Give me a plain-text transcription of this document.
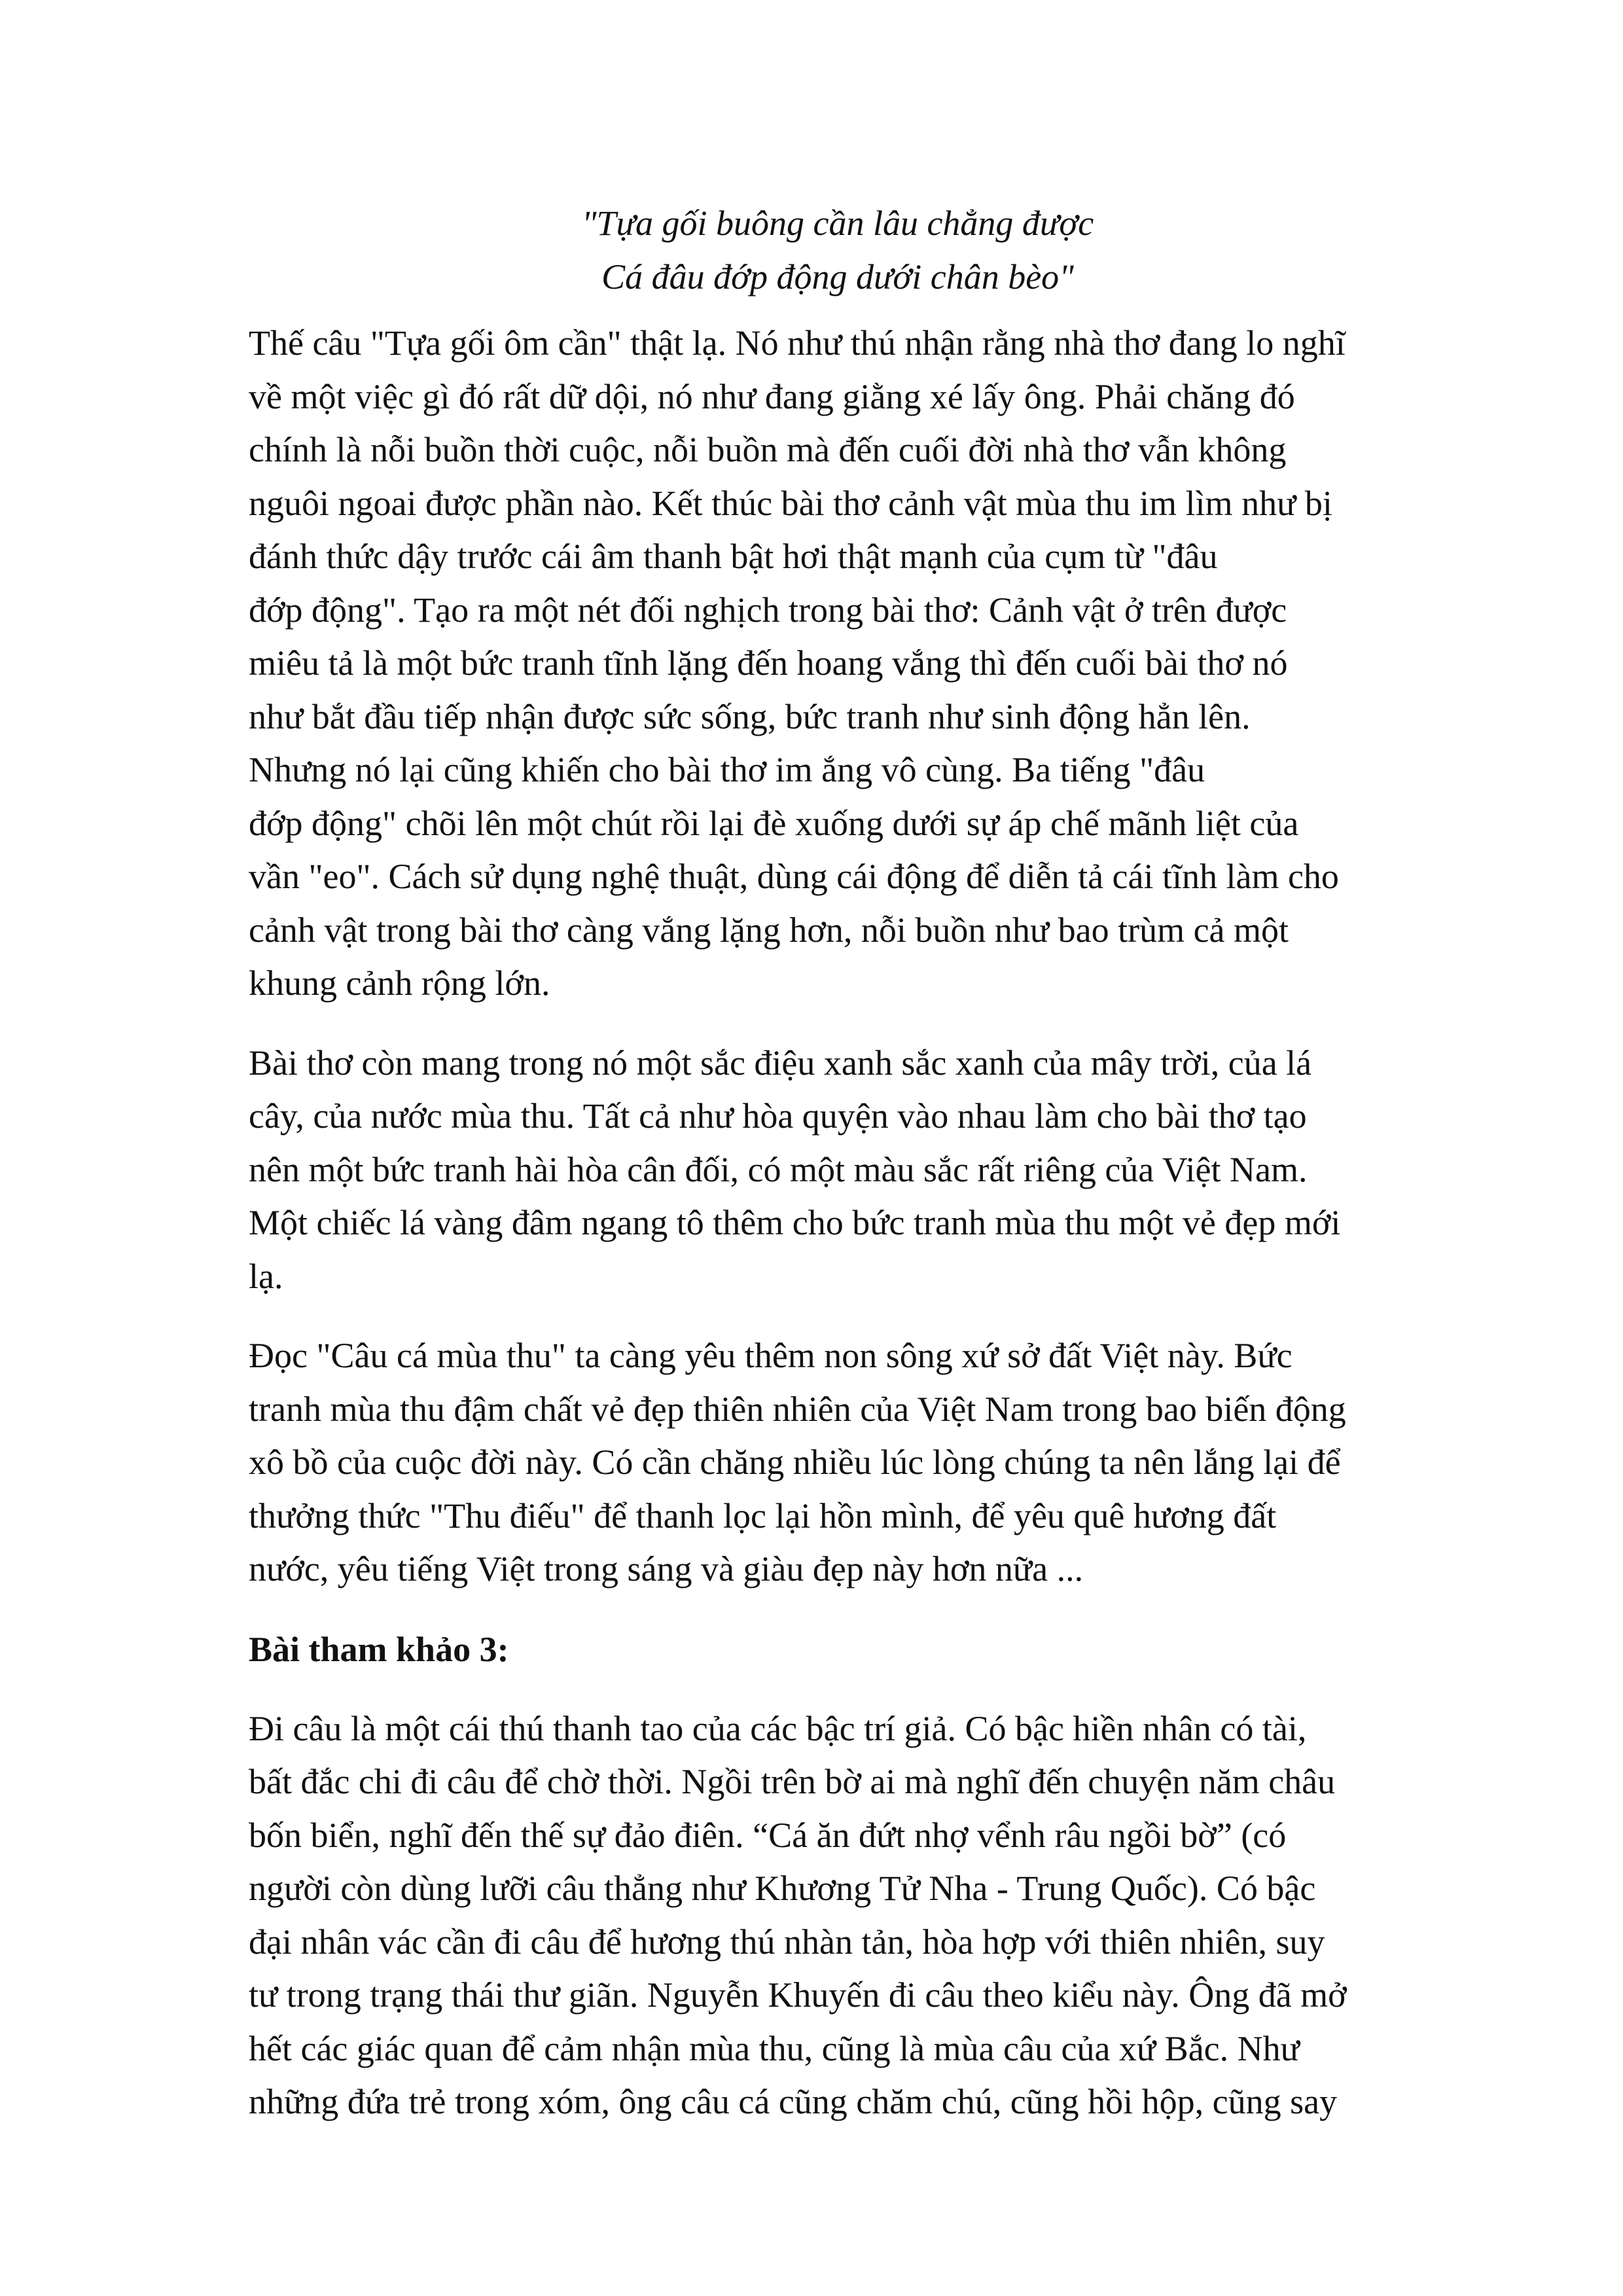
"Tựa gối buông cần lâu chẳng được

Cá đâu đớp động dưới chân bèo"

Thế câu "Tựa gối ôm cần" thật lạ. Nó như thú nhận rằng nhà thơ đang lo nghĩ
về một việc gì đó rất dữ dội, nó như đang giằng xé lấy ông. Phải chăng đó
chính là nỗi buồn thời cuộc, nỗi buồn mà đến cuối đời nhà thơ vẫn không
nguôi ngoai được phần nào. Kết thúc bài thơ cảnh vật mùa thu im lìm như bị
đánh thức dậy trước cái âm thanh bật hơi thật mạnh của cụm từ "đâu
đớp động". Tạo ra một nét đối nghịch trong bài thơ: Cảnh vật ở trên được
miêu tả là một bức tranh tĩnh lặng đến hoang vắng thì đến cuối bài thơ nó
như bắt đầu tiếp nhận được sức sống, bức tranh như sinh động hẳn lên.
Nhưng nó lại cũng khiến cho bài thơ im ắng vô cùng. Ba tiếng "đâu
đớp động" chõi lên một chút rồi lại đè xuống dưới sự áp chế mãnh liệt của
vần "eo". Cách sử dụng nghệ thuật, dùng cái động để diễn tả cái tĩnh làm cho
cảnh vật trong bài thơ càng vắng lặng hơn, nỗi buồn như bao trùm cả một
khung cảnh rộng lớn.
Bài thơ còn mang trong nó một sắc điệu xanh sắc xanh của mây trời, của lá
cây, của nước mùa thu. Tất cả như hòa quyện vào nhau làm cho bài thơ tạo
nên một bức tranh hài hòa cân đối, có một màu sắc rất riêng của Việt Nam.
Một chiếc lá vàng đâm ngang tô thêm cho bức tranh mùa thu một vẻ đẹp mới
lạ.
Đọc "Câu cá mùa thu" ta càng yêu thêm non sông xứ sở đất Việt này. Bức
tranh mùa thu đậm chất vẻ đẹp thiên nhiên của Việt Nam trong bao biến động
xô bồ của cuộc đời này. Có cần chăng nhiều lúc lòng chúng ta nên lắng lại để
thưởng thức "Thu điếu" để thanh lọc lại hồn mình, để yêu quê hương đất
nước, yêu tiếng Việt trong sáng và giàu đẹp này hơn nữa ...
Bài tham khảo 3:
Đi câu là một cái thú thanh tao của các bậc trí giả. Có bậc hiền nhân có tài,
bất đắc chi đi câu để chờ thời. Ngồi trên bờ ai mà nghĩ đến chuyện năm châu
bốn biển, nghĩ đến thế sự đảo điên. “Cá ăn đứt nhợ vểnh râu ngồi bờ” (có
người còn dùng lưỡi câu thẳng như Khương Tử Nha - Trung Quốc). Có bậc
đại nhân vác cần đi câu để hương thú nhàn tản, hòa hợp với thiên nhiên, suy
tư trong trạng thái thư giãn. Nguyễn Khuyến đi câu theo kiểu này. Ông đã mở
hết các giác quan để cảm nhận mùa thu, cũng là mùa câu của xứ Bắc. Như
những đứa trẻ trong xóm, ông câu cá cũng chăm chú, cũng hồi hộp, cũng say
